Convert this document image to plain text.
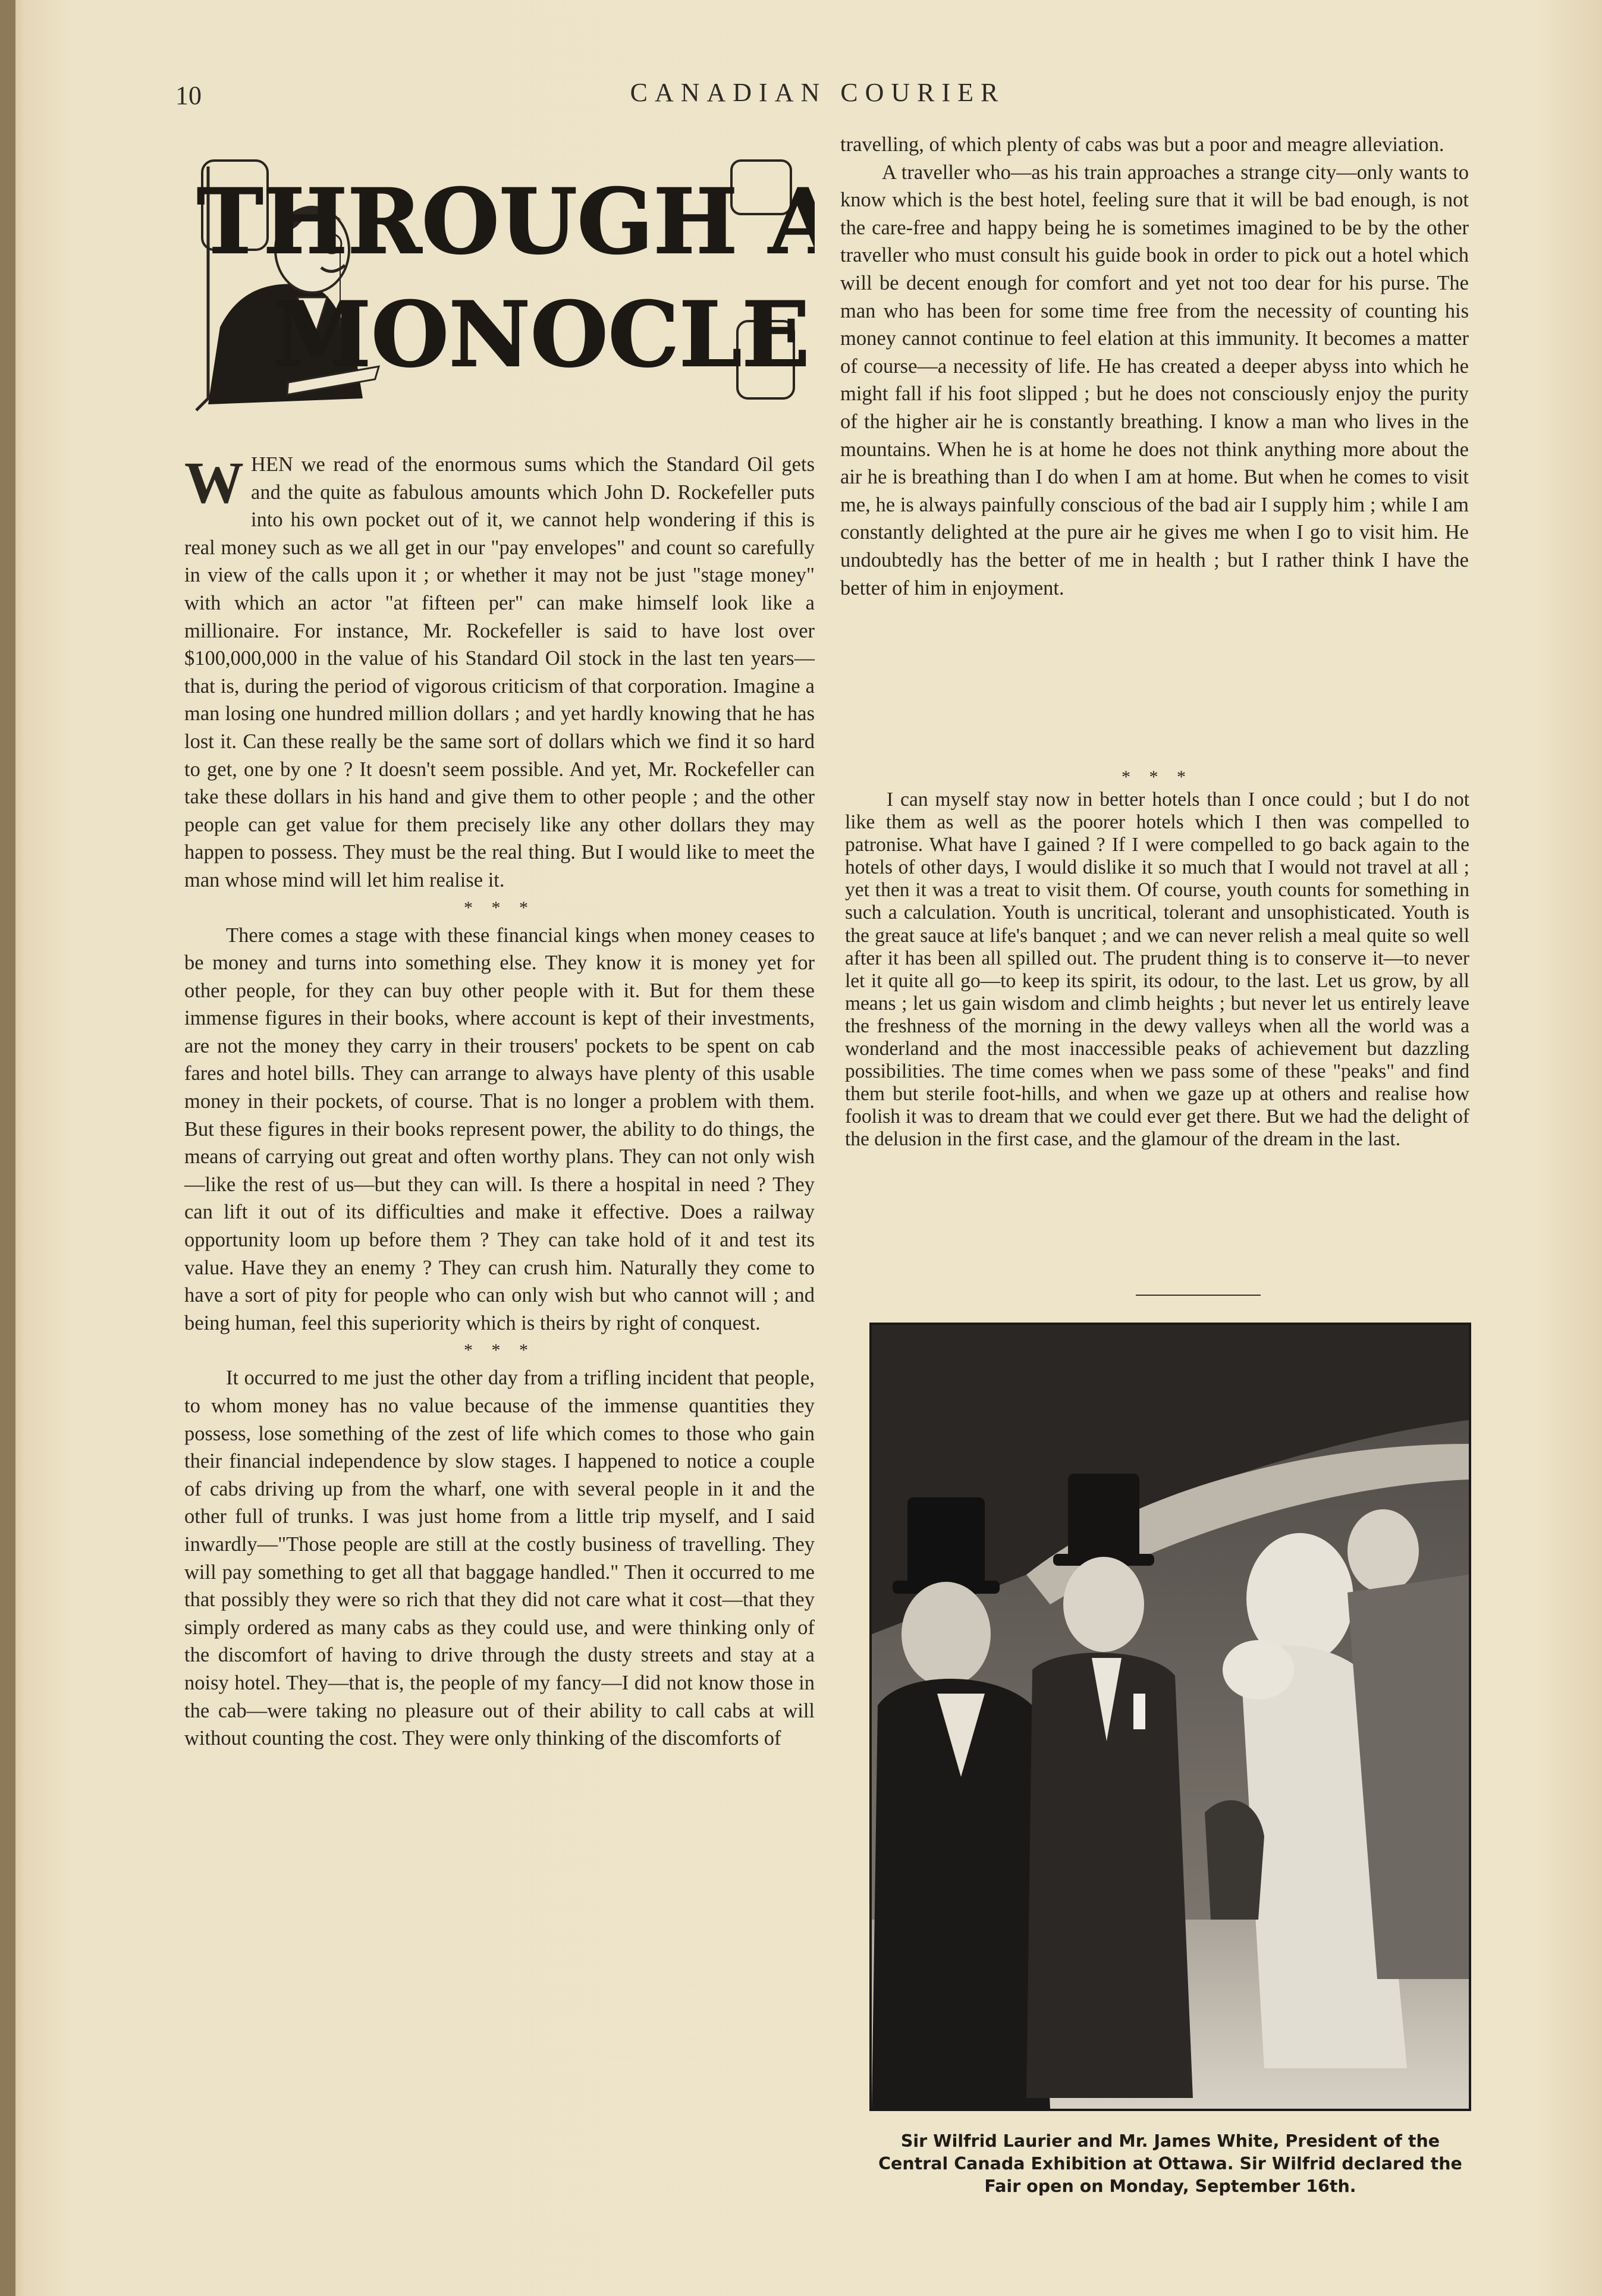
10	CANADIAN COURIER
THROUGH A
MONOCLE

WHEN we read of the enormous sums which the Standard Oil gets and the quite as fabulous amounts which John D. Rockefeller puts into his own pocket out of it, we cannot help wondering if this is real money such as we all get in our "pay envelopes" and count so carefully in view of the calls upon it ; or whether it may not be just "stage money" with which an actor "at fifteen per" can make himself look like a millionaire. For instance, Mr. Rockefeller is said to have lost over $100,000,000 in the value of his Standard Oil stock in the last ten years—that is, during the period of vigorous criticism of that corporation. Imagine a man losing one hundred million dollars ; and yet hardly knowing that he has lost it. Can these really be the same sort of dollars which we find it so hard to get, one by one ? It doesn't seem possible. And yet, Mr. Rockefeller can take these dollars in his hand and give them to other people ; and the other people can get value for them precisely like any other dollars they may happen to possess. They must be the real thing. But I would like to meet the man whose mind will let him realise it.

* * *

There comes a stage with these financial kings when money ceases to be money and turns into something else. They know it is money yet for other people, for they can buy other people with it. But for them these immense figures in their books, where account is kept of their investments, are not the money they carry in their trousers' pockets to be spent on cab fares and hotel bills. They can arrange to always have plenty of this usable money in their pockets, of course. That is no longer a problem with them. But these figures in their books represent power, the ability to do things, the means of carrying out great and often worthy plans. They can not only wish—like the rest of us—but they can will. Is there a hospital in need ? They can lift it out of its difficulties and make it effective. Does a railway opportunity loom up before them ? They can take hold of it and test its value. Have they an enemy ? They can crush him. Naturally they come to have a sort of pity for people who can only wish but who cannot will ; and being human, feel this superiority which is theirs by right of conquest.

* * *

It occurred to me just the other day from a trifling incident that people, to whom money has no value because of the immense quantities they possess, lose something of the zest of life which comes to those who gain their financial independence by slow stages. I happened to notice a couple of cabs driving up from the wharf, one with several people in it and the other full of trunks. I was just home from a little trip myself, and I said inwardly—"Those people are still at the costly business of travelling. They will pay something to get all that baggage handled." Then it occurred to me that possibly they were so rich that they did not care what it cost—that they simply ordered as many cabs as they could use, and were thinking only of the discomfort of having to drive through the dusty streets and stay at a noisy hotel. They—that is, the people of my fancy—I did not know those in the cab—were taking no pleasure out of their ability to call cabs at will without counting the cost. They were only thinking of the discomforts of

travelling, of which plenty of cabs was but a poor and meagre alleviation.

A traveller who—as his train approaches a strange city—only wants to know which is the best hotel, feeling sure that it will be bad enough, is not the care-free and happy being he is sometimes imagined to be by the other traveller who must consult his guide book in order to pick out a hotel which will be decent enough for comfort and yet not too dear for his purse. The man who has been for some time free from the necessity of counting his money cannot continue to feel elation at this immunity. It becomes a matter of course—a necessity of life. He has created a deeper abyss into which he might fall if his foot slipped ; but he does not consciously enjoy the purity of the higher air he is constantly breathing. I know a man who lives in the mountains. When he is at home he does not think anything more about the air he is breathing than I do when I am at home. But when he comes to visit me, he is always painfully conscious of the bad air I supply him ; while I am constantly delighted at the pure air he gives me when I go to visit him. He undoubtedly has the better of me in health ; but I rather think I have the better of him in enjoyment.

* * *

I can myself stay now in better hotels than I once could ; but I do not like them as well as the poorer hotels which I then was compelled to patronise. What have I gained ? If I were compelled to go back again to the hotels of other days, I would dislike it so much that I would not travel at all ; yet then it was a treat to visit them. Of course, youth counts for something in such a calculation. Youth is uncritical, tolerant and unsophisticated. Youth is the great sauce at life's banquet ; and we can never relish a meal quite so well after it has been all spilled out. The prudent thing is to conserve it—to never let it quite all go—to keep its spirit, its odour, to the last. Let us grow, by all means ; let us gain wisdom and climb heights ; but never let us entirely leave the freshness of the morning in the dewy valleys when all the world was a wonderland and the most inaccessible peaks of achievement but dazzling possibilities. The time comes when we pass some of these "peaks" and find them but sterile foot-hills, and when we gaze up at others and realise how foolish it was to dream that we could ever get there. But we had the delight of the delusion in the first case, and the glamour of the dream in the last.

Sir Wilfrid Laurier and Mr. James White, President of the Central Canada Exhibition at Ottawa. Sir Wilfrid declared the Fair open on Monday, September 16th.
